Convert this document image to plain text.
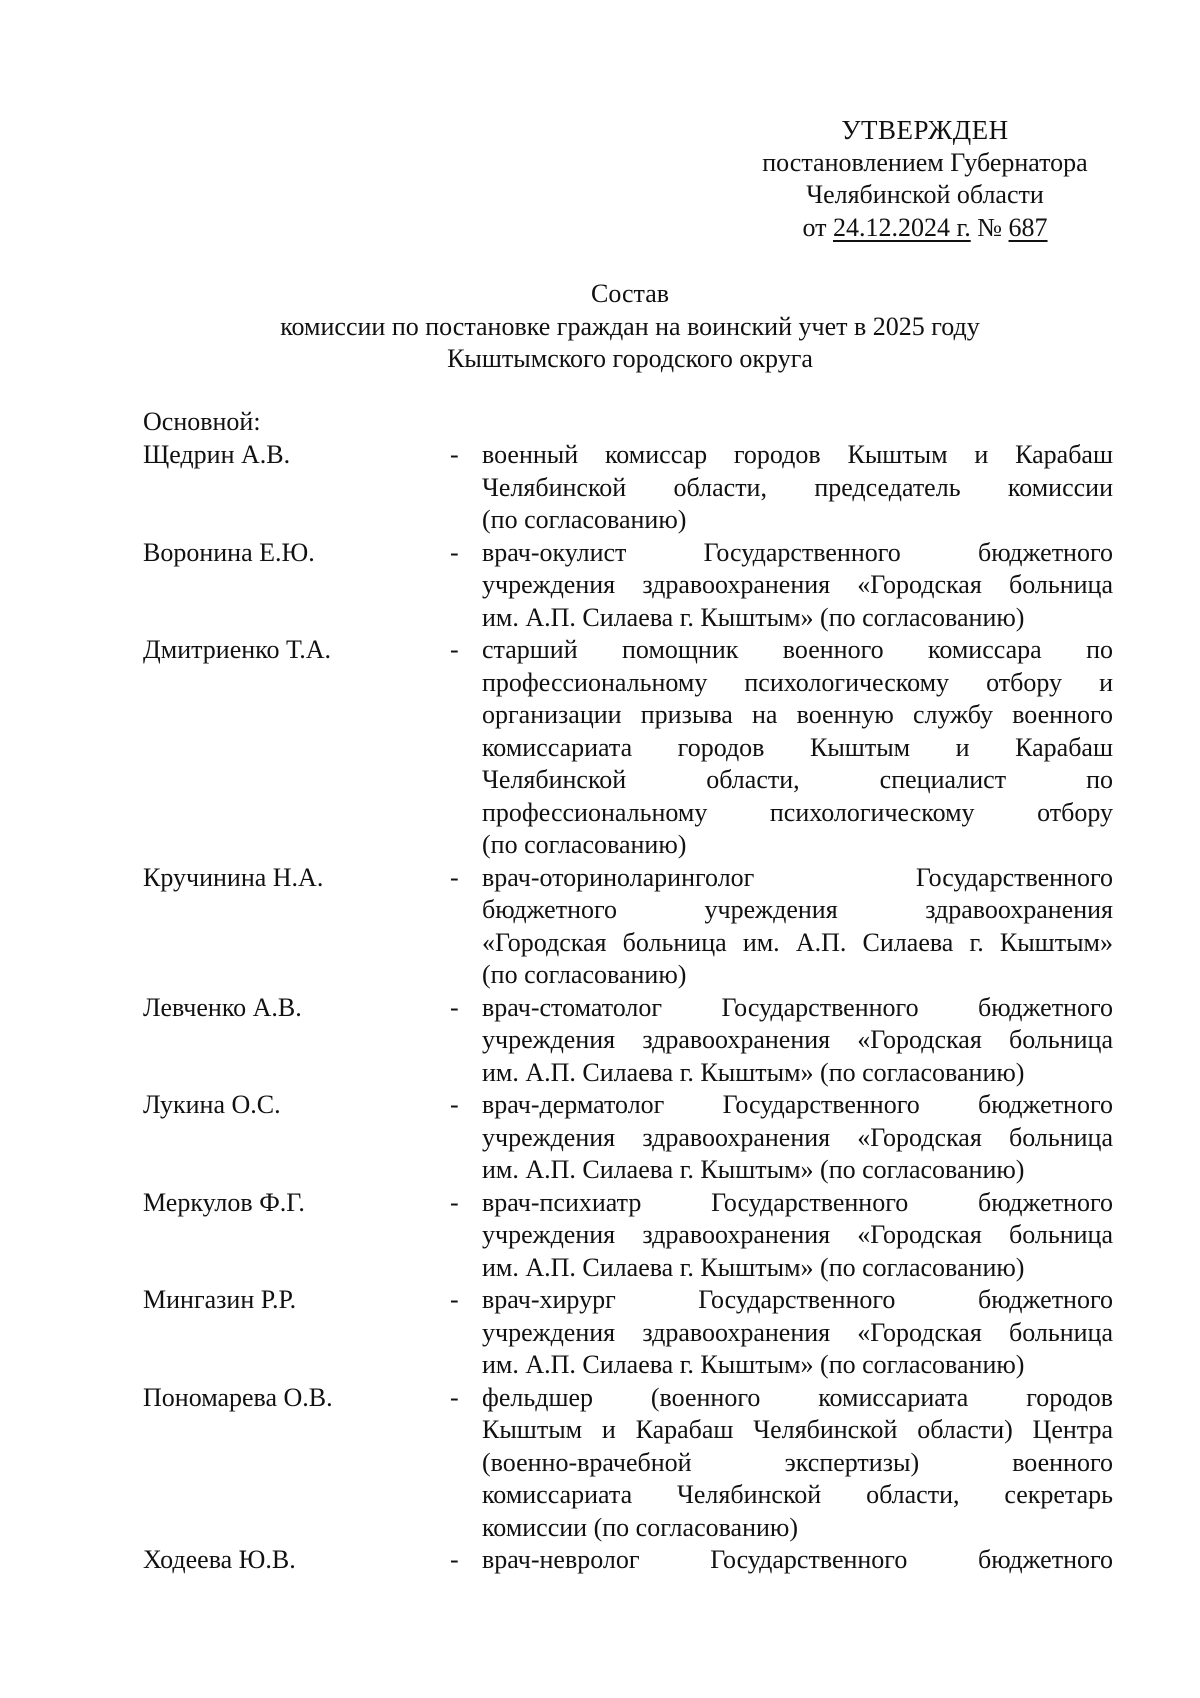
УТВЕРЖДЕН
постановлением Губернатора
Челябинской области
от 24.12.2024 г. № 687
Состав
комиссии по постановке граждан на воинский учет в 2025 году
Кыштымского городского округа
Основной:
Щедрин А.В.	- военный комиссар городов Кыштым и Карабаш
Челябинской области, председатель комиссии
(по согласованию)
Воронина Е.Ю.	- врач-окулист Государственного бюджетного
учреждения здравоохранения «Городская больница
им. А.П. Силаева г. Кыштым» (по согласованию)
Дмитриенко Т.А.	- старший помощник военного комиссара по
профессиональному психологическому отбору и
организации призыва на военную службу военного
комиссариата городов Кыштым и Карабаш
Челябинской области, специалист по
профессиональному психологическому отбору
(по согласованию)
Кручинина Н.А.	- врач-оториноларинголог Государственного
бюджетного учреждения здравоохранения
«Городская больница им. А.П. Силаева г. Кыштым»
(по согласованию)
Левченко А.В.	- врач-стоматолог Государственного бюджетного
учреждения здравоохранения «Городская больница
им. А.П. Силаева г. Кыштым» (по согласованию)
Лукина О.С.	- врач-дерматолог Государственного бюджетного
учреждения здравоохранения «Городская больница
им. А.П. Силаева г. Кыштым» (по согласованию)
Меркулов Ф.Г.	- врач-психиатр Государственного бюджетного
учреждения здравоохранения «Городская больница
им. А.П. Силаева г. Кыштым» (по согласованию)
Мингазин Р.Р.	- врач-хирург Государственного бюджетного
учреждения здравоохранения «Городская больница
им. А.П. Силаева г. Кыштым» (по согласованию)
Пономарева О.В.	- фельдшер (военного комиссариата городов
Кыштым и Карабаш Челябинской области) Центра
(военно-врачебной экспертизы) военного
комиссариата Челябинской области, секретарь
комиссии (по согласованию)
Ходеева Ю.В.	- врач-невролог Государственного бюджетного
